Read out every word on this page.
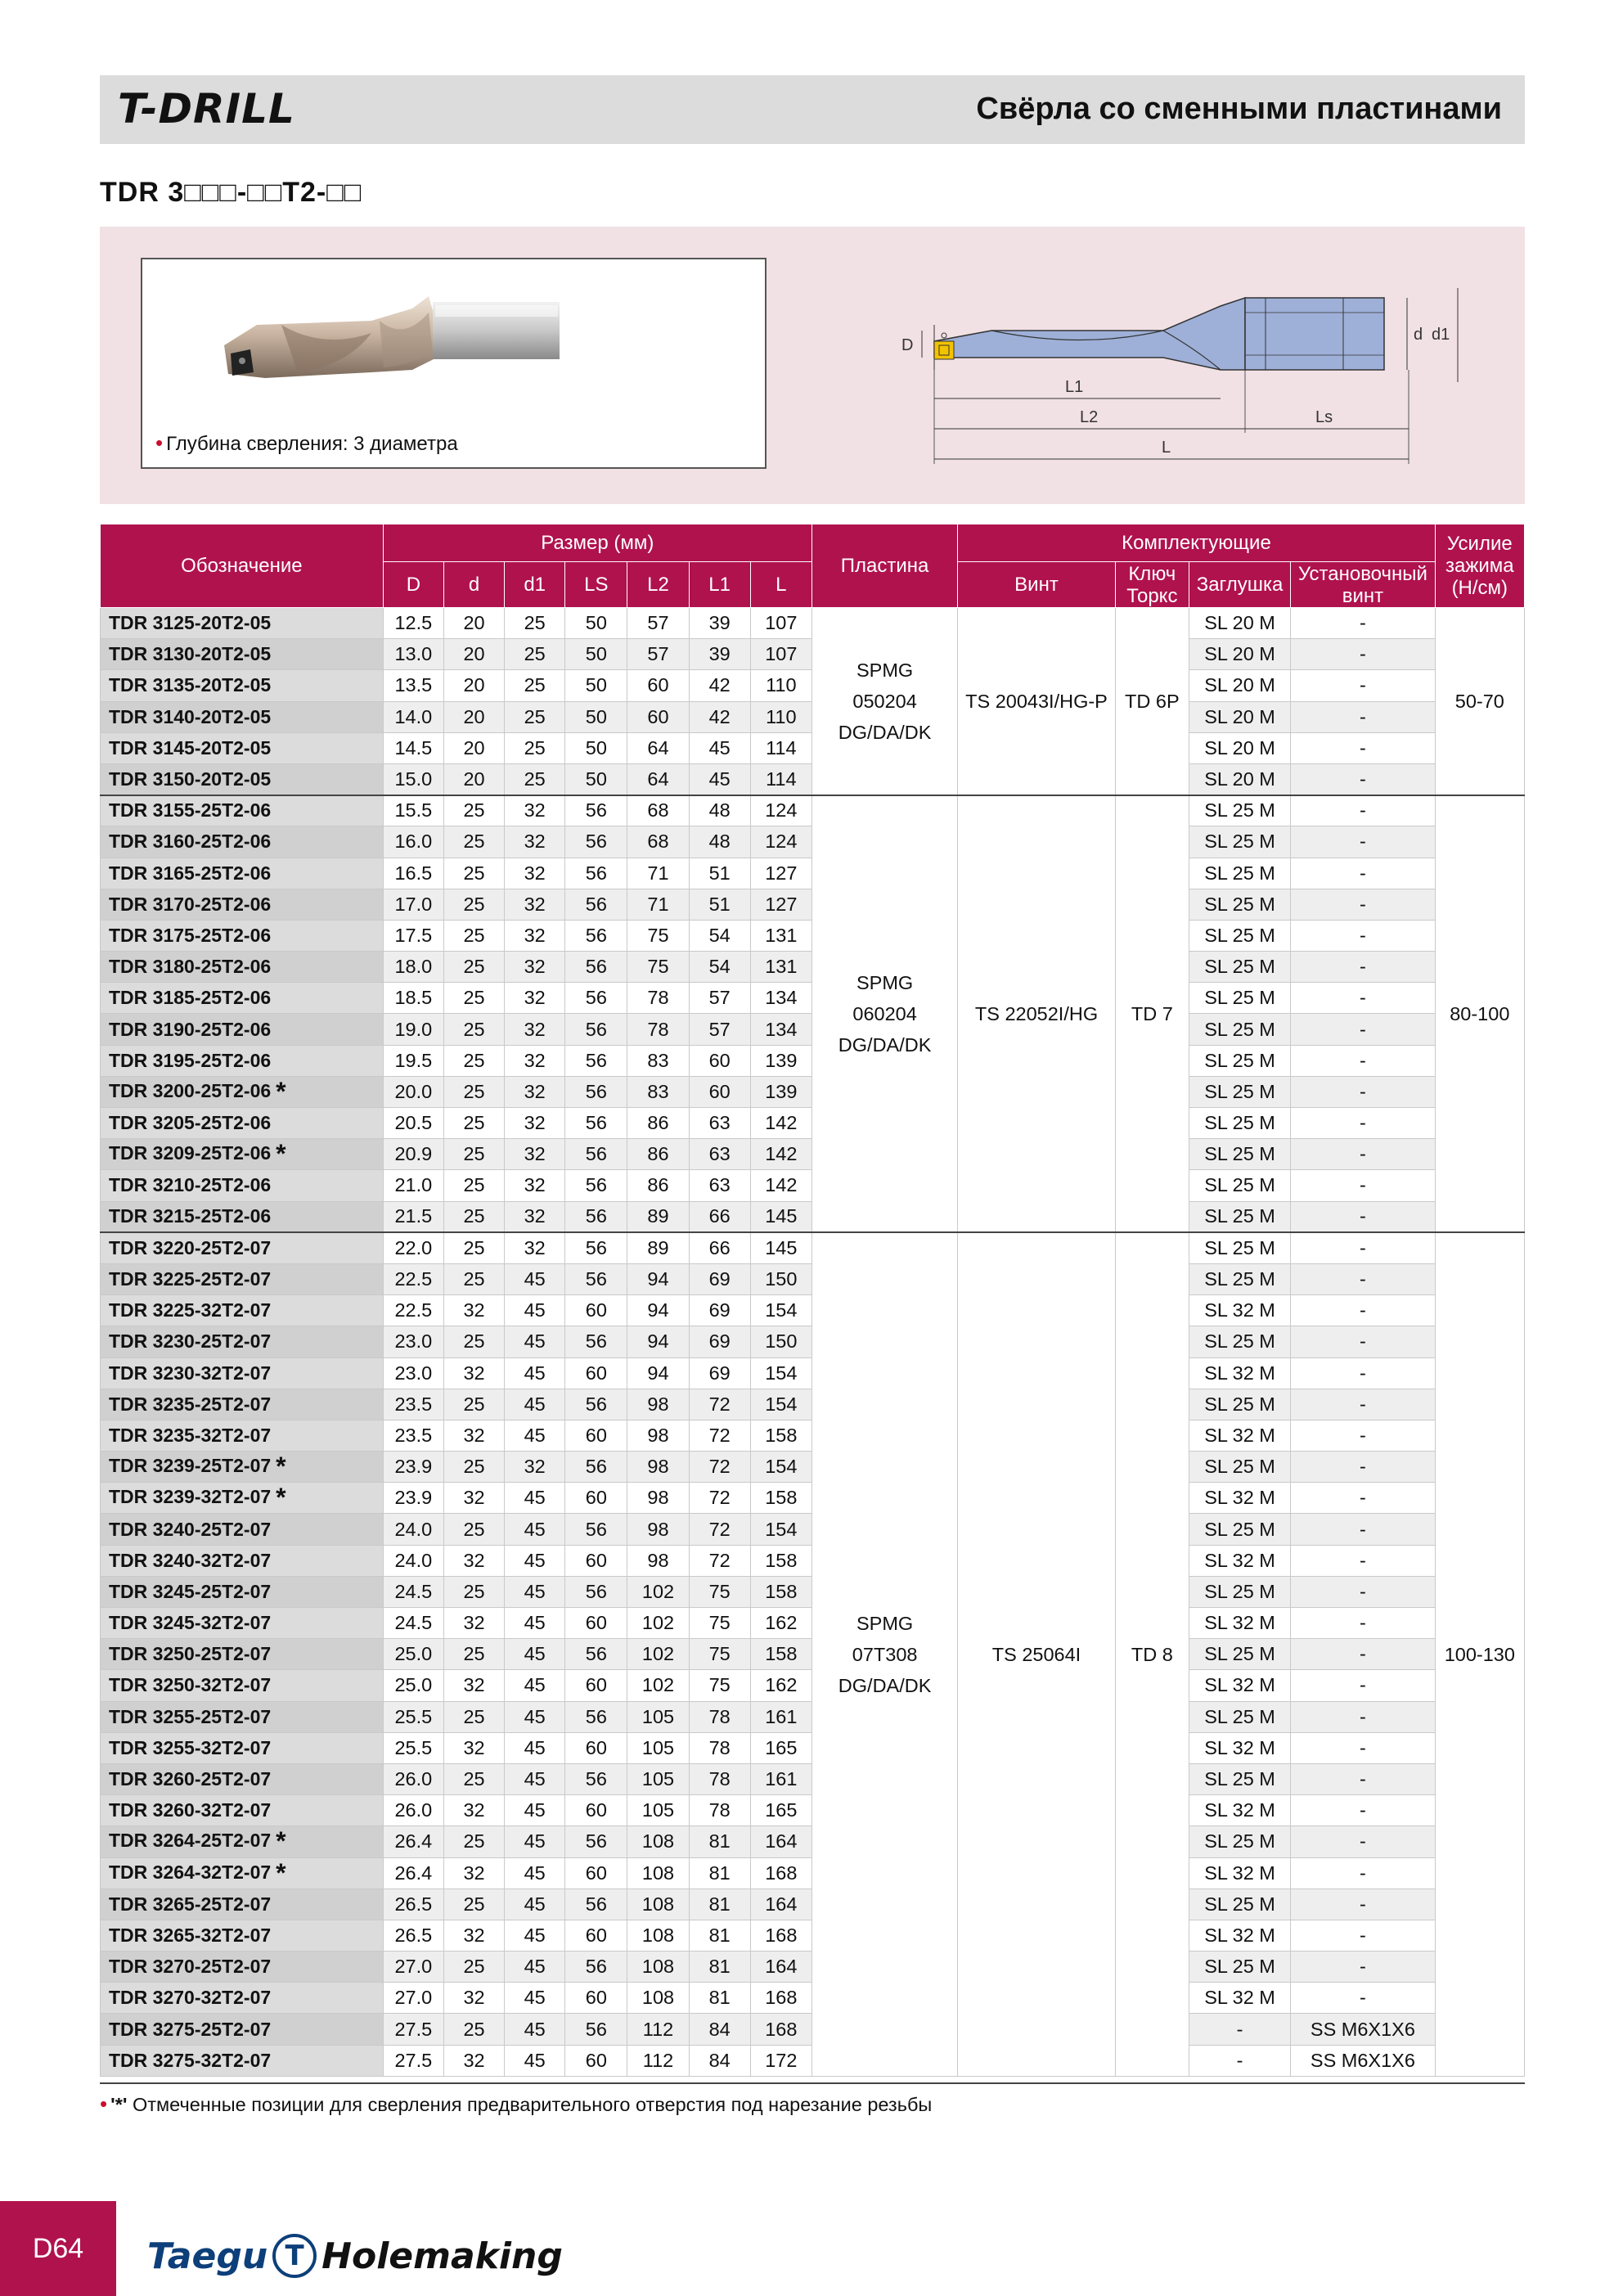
T-DRILL	Свёрла со сменными пластинами
TDR 3□□□-□□T2-□□
• Глубина сверления: 3 диаметра
D
d d1
L1
L2	Ls
L
Обозначение	Размер (мм)							Пластина	Комплектующие				Усилие зажима (Н/см)
	D	d	d1	LS	L2	L1	L		Винт	Ключ Торкс	Заглушка	Установочный винт	
TDR 3125-20T2-05	12.5	20	25	50	57	39	107	SPMG 050204 DG/DA/DK	TS 20043I/HG-P	TD 6P	SL 20 M	-	50-70
TDR 3130-20T2-05	13.0	20	25	50	57	39	107				SL 20 M	-	
TDR 3135-20T2-05	13.5	20	25	50	60	42	110				SL 20 M	-	
TDR 3140-20T2-05	14.0	20	25	50	60	42	110				SL 20 M	-	
TDR 3145-20T2-05	14.5	20	25	50	64	45	114				SL 20 M	-	
TDR 3150-20T2-05	15.0	20	25	50	64	45	114				SL 20 M	-	
TDR 3155-25T2-06	15.5	25	32	56	68	48	124	SPMG 060204 DG/DA/DK	TS 22052I/HG	TD 7	SL 25 M	-	80-100
TDR 3160-25T2-06	16.0	25	32	56	68	48	124				SL 25 M	-	
TDR 3165-25T2-06	16.5	25	32	56	71	51	127				SL 25 M	-	
TDR 3170-25T2-06	17.0	25	32	56	71	51	127				SL 25 M	-	
TDR 3175-25T2-06	17.5	25	32	56	75	54	131				SL 25 M	-	
TDR 3180-25T2-06	18.0	25	32	56	75	54	131				SL 25 M	-	
TDR 3185-25T2-06	18.5	25	32	56	78	57	134				SL 25 M	-	
TDR 3190-25T2-06	19.0	25	32	56	78	57	134				SL 25 M	-	
TDR 3195-25T2-06	19.5	25	32	56	83	60	139				SL 25 M	-	
TDR 3200-25T2-06 *	20.0	25	32	56	83	60	139				SL 25 M	-	
TDR 3205-25T2-06	20.5	25	32	56	86	63	142				SL 25 M	-	
TDR 3209-25T2-06 *	20.9	25	32	56	86	63	142				SL 25 M	-	
TDR 3210-25T2-06	21.0	25	32	56	86	63	142				SL 25 M	-	
TDR 3215-25T2-06	21.5	25	32	56	89	66	145				SL 25 M	-	
TDR 3220-25T2-07	22.0	25	32	56	89	66	145	SPMG 07T308 DG/DA/DK	TS 25064I	TD 8	SL 25 M	-	100-130
TDR 3225-25T2-07	22.5	25	45	56	94	69	150				SL 25 M	-	
TDR 3225-32T2-07	22.5	32	45	60	94	69	154				SL 32 M	-	
TDR 3230-25T2-07	23.0	25	45	56	94	69	150				SL 25 M	-	
TDR 3230-32T2-07	23.0	32	45	60	94	69	154				SL 32 M	-	
TDR 3235-25T2-07	23.5	25	45	56	98	72	154				SL 25 M	-	
TDR 3235-32T2-07	23.5	32	45	60	98	72	158				SL 32 M	-	
TDR 3239-25T2-07 *	23.9	25	32	56	98	72	154				SL 25 M	-	
TDR 3239-32T2-07 *	23.9	32	45	60	98	72	158				SL 32 M	-	
TDR 3240-25T2-07	24.0	25	45	56	98	72	154				SL 25 M	-	
TDR 3240-32T2-07	24.0	32	45	60	98	72	158				SL 32 M	-	
TDR 3245-25T2-07	24.5	25	45	56	102	75	158				SL 25 M	-	
TDR 3245-32T2-07	24.5	32	45	60	102	75	162				SL 32 M	-	
TDR 3250-25T2-07	25.0	25	45	56	102	75	158				SL 25 M	-	
TDR 3250-32T2-07	25.0	32	45	60	102	75	162				SL 32 M	-	
TDR 3255-25T2-07	25.5	25	45	56	105	78	161				SL 25 M	-	
TDR 3255-32T2-07	25.5	32	45	60	105	78	165				SL 32 M	-	
TDR 3260-25T2-07	26.0	25	45	56	105	78	161				SL 25 M	-	
TDR 3260-32T2-07	26.0	32	45	60	105	78	165				SL 32 M	-	
TDR 3264-25T2-07 *	26.4	25	45	56	108	81	164				SL 25 M	-	
TDR 3264-32T2-07 *	26.4	32	45	60	108	81	168				SL 32 M	-	
TDR 3265-25T2-07	26.5	25	45	56	108	81	164				SL 25 M	-	
TDR 3265-32T2-07	26.5	32	45	60	108	81	168				SL 32 M	-	
TDR 3270-25T2-07	27.0	25	45	56	108	81	164				SL 25 M	-	
TDR 3270-32T2-07	27.0	32	45	60	108	81	168				SL 32 M	-	
TDR 3275-25T2-07	27.5	25	45	56	112	84	168				-	SS M6X1X6	
TDR 3275-32T2-07	27.5	32	45	60	112	84	172				-	SS M6X1X6	
• '*' Отмеченные позиции для сверления предварительного отверстия под нарезание резьбы
D64	Taegu T Holemaking
